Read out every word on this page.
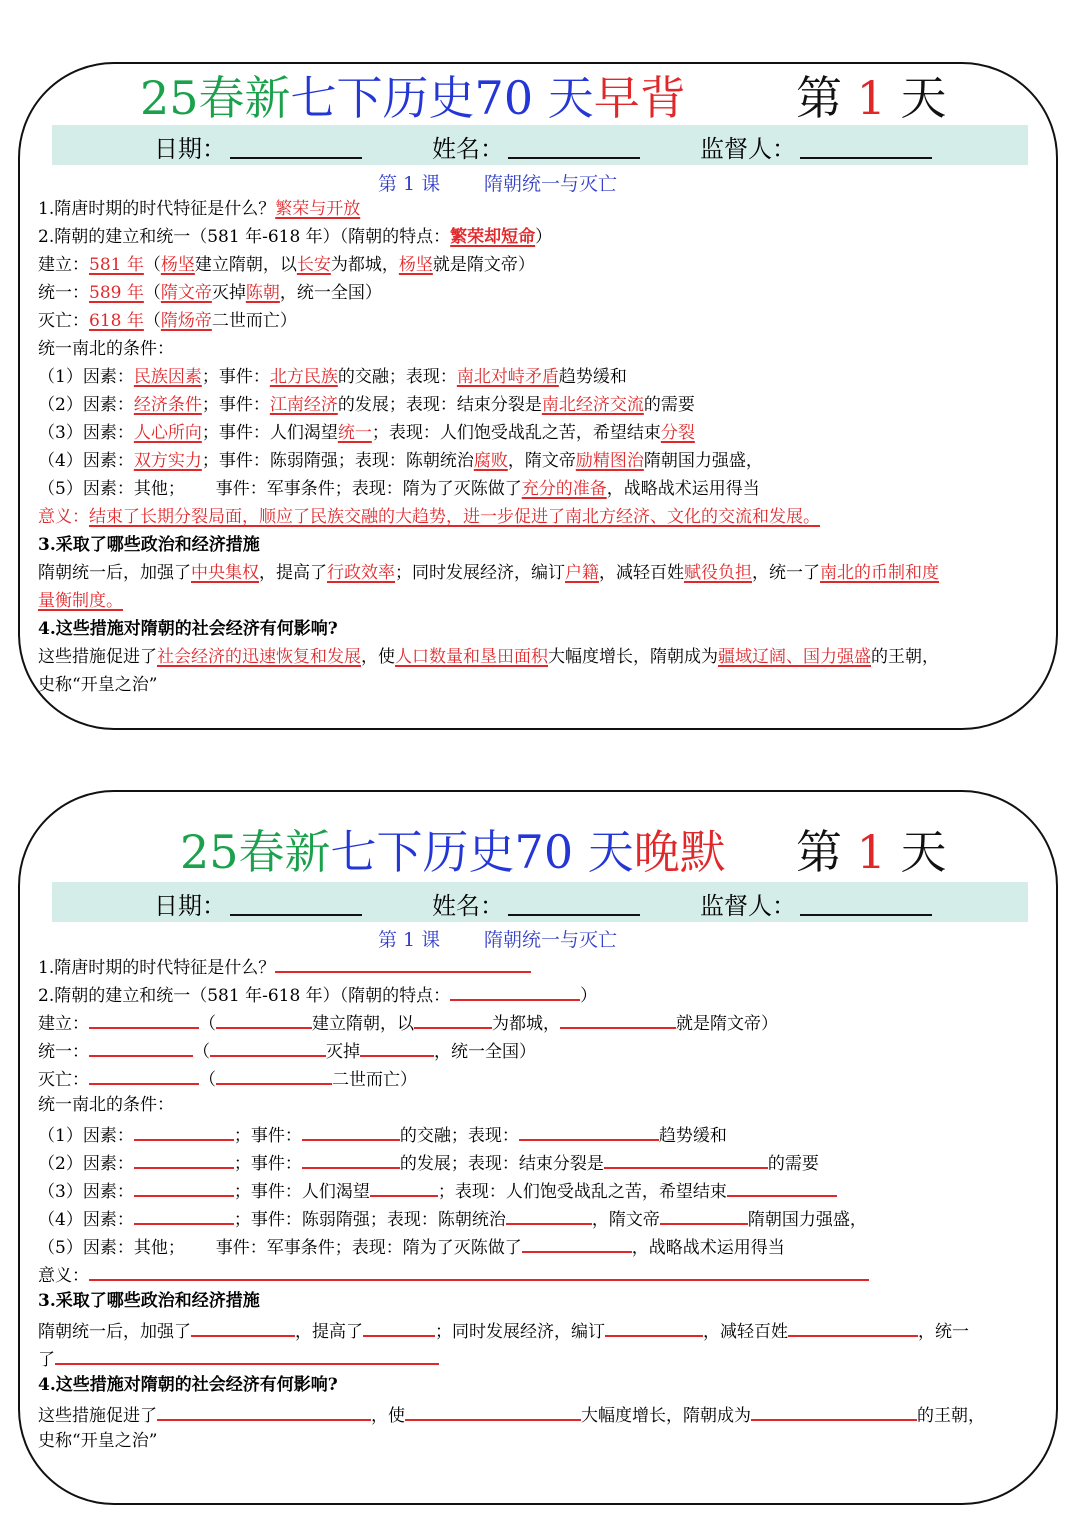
25春新七下历史70 天早背 第 1 天
日期：	姓名：	监督人：
第 1 课 隋朝统一与灭亡
1.隋唐时期的时代特征是什么？繁荣与开放
2.隋朝的建立和统一（581 年-618 年）（隋朝的特点：繁荣却短命）
建立：581 年（杨坚建立隋朝，以长安为都城，杨坚就是隋文帝）
统一：589 年（隋文帝灭掉陈朝，统一全国）
灭亡：618 年（隋炀帝二世而亡）
统一南北的条件：
（1）因素：民族因素；事件：北方民族的交融；表现：南北对峙矛盾趋势缓和
（2）因素：经济条件；事件：江南经济的发展；表现：结束分裂是南北经济交流的需要
（3）因素：人心所向；事件：人们渴望统一；表现：人们饱受战乱之苦，希望结束分裂
（4）因素：双方实力；事件：陈弱隋强；表现：陈朝统治腐败，隋文帝励精图治隋朝国力强盛，
（5）因素：其他；　　 事件：军事条件；表现：隋为了灭陈做了充分的准备，战略战术运用得当
意义：结束了长期分裂局面，顺应了民族交融的大趋势，进一步促进了南北方经济、文化的交流和发展。
3.采取了哪些政治和经济措施
隋朝统一后，加强了中央集权，提高了行政效率；同时发展经济，编订户籍，减轻百姓赋役负担，统一了南北的币制和度
量衡制度。
4.这些措施对隋朝的社会经济有何影响?
这些措施促进了社会经济的迅速恢复和发展，使人口数量和垦田面积大幅度增长，隋朝成为疆域辽阔、国力强盛的王朝，
史称“开皇之治”
25春新七下历史70 天晚默 第 1 天
日期：	姓名：	监督人：
第 1 课 隋朝统一与灭亡
1.隋唐时期的时代特征是什么？
2.隋朝的建立和统一（581 年-618 年）（隋朝的特点：	）
建立：	（	建立隋朝，以	为都城，	就是隋文帝）
统一：	（	灭掉	，统一全国）
灭亡：	（	二世而亡）
统一南北的条件：
（1）因素：	；事件：	的交融；表现：	趋势缓和
（2）因素：	；事件：	的发展；表现：结束分裂是	的需要
（3）因素：	；事件：人们渴望	；表现：人们饱受战乱之苦，希望结束
（4）因素：	；事件：陈弱隋强；表现：陈朝统治	，隋文帝	隋朝国力强盛，
（5）因素：其他；　　 事件：军事条件；表现：隋为了灭陈做了	，战略战术运用得当
意义：
3.采取了哪些政治和经济措施
隋朝统一后，加强了	，提高了	；同时发展经济，编订	，减轻百姓	，统一
了
4.这些措施对隋朝的社会经济有何影响?
这些措施促进了	，使	大幅度增长，隋朝成为	的王朝，
史称“开皇之治”
